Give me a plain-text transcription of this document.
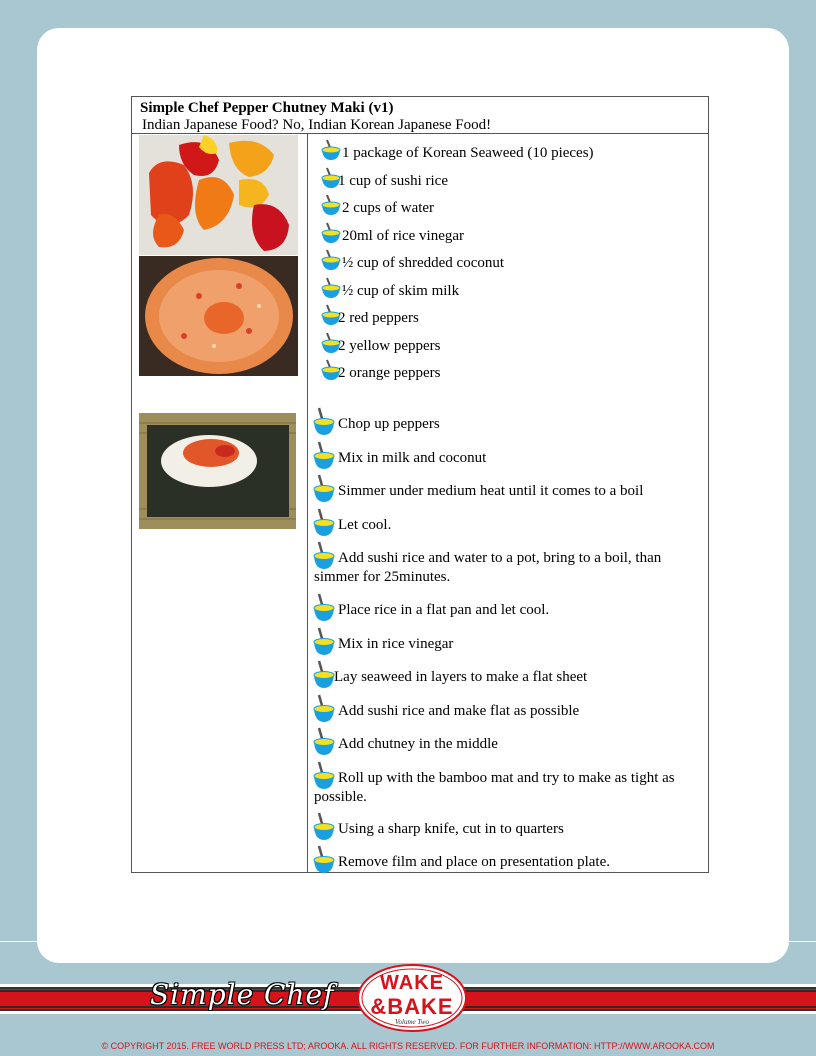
Simple Chef Pepper Chutney Maki (v1)
Indian Japanese Food? No, Indian Korean Japanese Food!
1 package of Korean Seaweed (10 pieces)
1 cup of sushi rice
2 cups of water
20ml of rice vinegar
½ cup of shredded coconut
½ cup of skim milk
2 red peppers
2 yellow peppers
2 orange peppers
Chop up peppers
Mix in milk and coconut
Simmer under medium heat until it comes to a boil
Let cool.
Add sushi rice and water to a pot, bring to a boil, than simmer for 25minutes.
Place rice in a flat pan and let cool.
Mix in rice vinegar
Lay seaweed in layers to make a flat sheet
Add sushi rice and make flat as possible
Add chutney in the middle
Roll up with the bamboo mat and try to make as tight as possible.
Using a sharp knife, cut in to quarters
Remove film and place on presentation plate.
Simple Chef	WAKE
&BAKE
Volume Two
© COPYRIGHT 2015. FREE WORLD PRESS LTD; AROOKA. ALL RIGHTS RESERVED. FOR FURTHER INFORMATION: HTTP://WWW.AROOKA.COM
